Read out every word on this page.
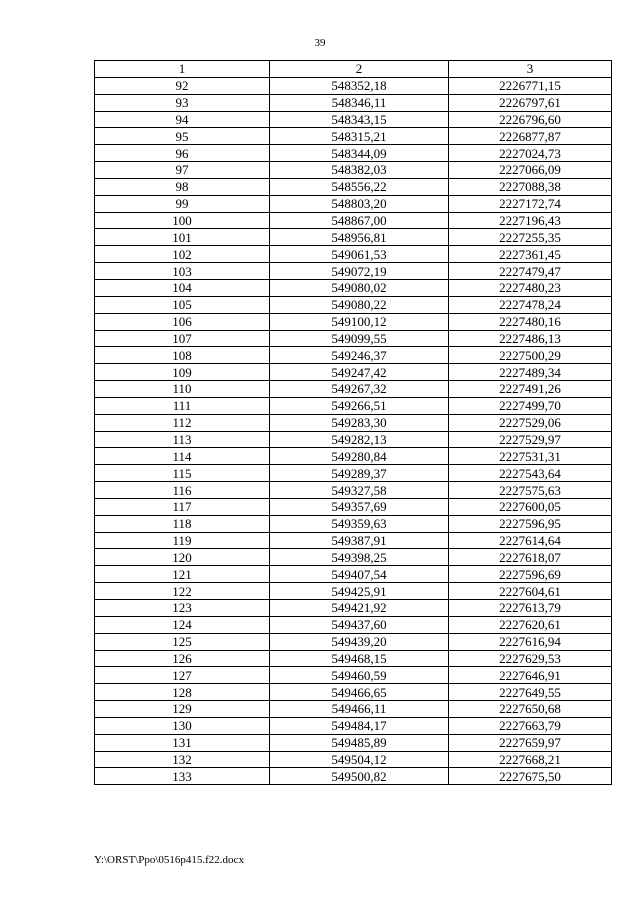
39
1	2	3
92	548352,18	2226771,15
93	548346,11	2226797,61
94	548343,15	2226796,60
95	548315,21	2226877,87
96	548344,09	2227024,73
97	548382,03	2227066,09
98	548556,22	2227088,38
99	548803,20	2227172,74
100	548867,00	2227196,43
101	548956,81	2227255,35
102	549061,53	2227361,45
103	549072,19	2227479,47
104	549080,02	2227480,23
105	549080,22	2227478,24
106	549100,12	2227480,16
107	549099,55	2227486,13
108	549246,37	2227500,29
109	549247,42	2227489,34
110	549267,32	2227491,26
111	549266,51	2227499,70
112	549283,30	2227529,06
113	549282,13	2227529,97
114	549280,84	2227531,31
115	549289,37	2227543,64
116	549327,58	2227575,63
117	549357,69	2227600,05
118	549359,63	2227596,95
119	549387,91	2227614,64
120	549398,25	2227618,07
121	549407,54	2227596,69
122	549425,91	2227604,61
123	549421,92	2227613,79
124	549437,60	2227620,61
125	549439,20	2227616,94
126	549468,15	2227629,53
127	549460,59	2227646,91
128	549466,65	2227649,55
129	549466,11	2227650,68
130	549484,17	2227663,79
131	549485,89	2227659,97
132	549504,12	2227668,21
133	549500,82	2227675,50
Y:\ORST\Ppo\0516p415.f22.docx
